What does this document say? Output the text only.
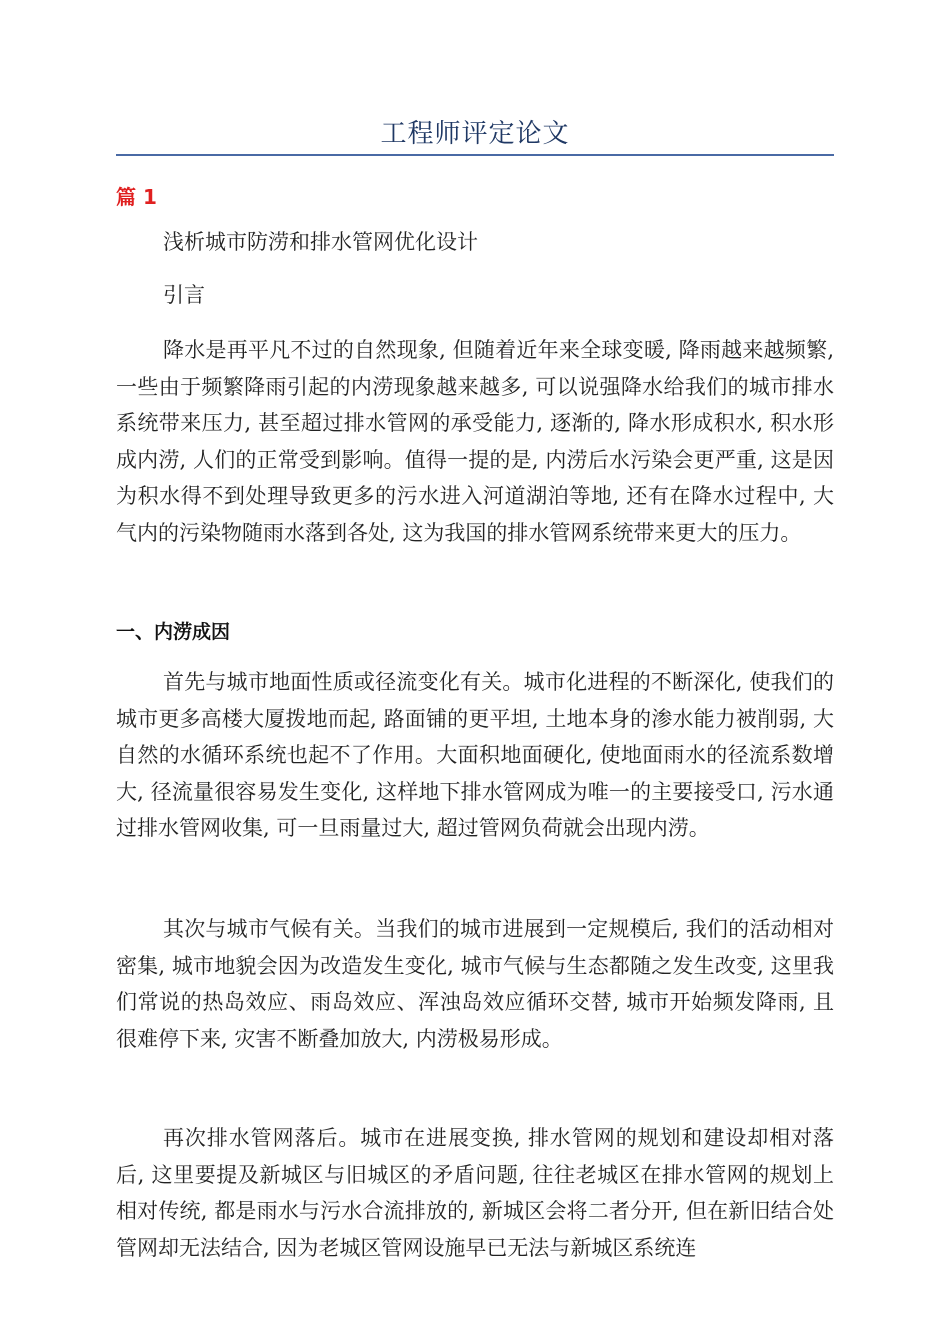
工程师评定论文
篇 1
浅析城市防涝和排水管网优化设计
引言

降水是再平凡不过的自然现象, 但随着近年来全球变暖, 降雨越来越频繁, 一些由于频繁降雨引起的内涝现象越来越多, 可以说强降水给我们的城市排水系统带来压力, 甚至超过排水管网的承受能力, 逐渐的, 降水形成积水, 积水形成内涝, 人们的正常受到影响。值得一提的是, 内涝后水污染会更严重, 这是因为积水得不到处理导致更多的污水进入河道湖泊等地, 还有在降水过程中, 大气内的污染物随雨水落到各处, 这为我国的排水管网系统带来更大的压力。

一、内涝成因

首先与城市地面性质或径流变化有关。城市化进程的不断深化, 使我们的城市更多高楼大厦拨地而起, 路面铺的更平坦, 土地本身的渗水能力被削弱, 大自然的水循环系统也起不了作用。大面积地面硬化, 使地面雨水的径流系数增大, 径流量很容易发生变化, 这样地下排水管网成为唯一的主要接受口, 污水通过排水管网收集, 可一旦雨量过大, 超过管网负荷就会出现内涝。

其次与城市气候有关。当我们的城市进展到一定规模后, 我们的活动相对密集, 城市地貌会因为改造发生变化, 城市气候与生态都随之发生改变, 这里我们常说的热岛效应、雨岛效应、浑浊岛效应循环交替, 城市开始频发降雨, 且很难停下来, 灾害不断叠加放大, 内涝极易形成。

再次排水管网落后。城市在进展变换, 排水管网的规划和建设却相对落后, 这里要提及新城区与旧城区的矛盾问题, 往往老城区在排水管网的规划上相对传统, 都是雨水与污水合流排放的, 新城区会将二者分开, 但在新旧结合处管网却无法结合, 因为老城区管网设施早已无法与新城区系统连
